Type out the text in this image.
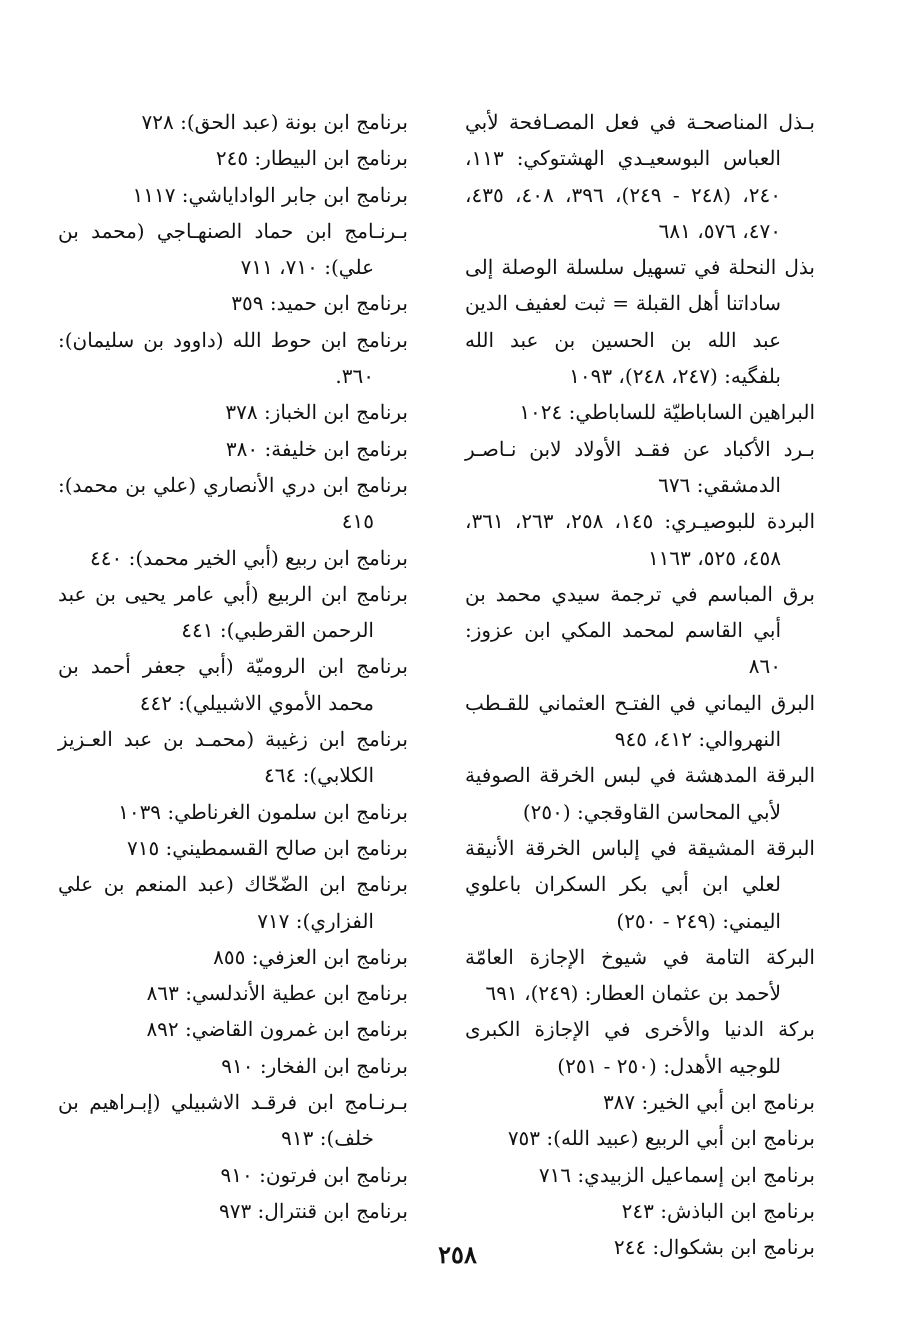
بـذل المناصحـة في فعل المصـافحة لأبي العباس البوسعيـدي الهشتوكي: ١١٣، ٢٤٠، (٢٤٨ - ٢٤٩)، ٣٩٦، ٤٠٨، ٤٣٥، ٤٧٠، ٥٧٦، ٦٨١
بذل النحلة في تسهيل سلسلة الوصلة إلى ساداتنا أهل القبلة = ثبت لعفيف الدين عبد الله بن الحسين بن عبد الله بلفگيه: (٢٤٧، ٢٤٨)، ١٠٩٣
البراهين الساباطيّة للساباطي: ١٠٢٤
بـرد الأكباد عن فقـد الأولاد لابن نـاصـر الدمشقي: ٦٧٦
البردة للبوصيـري: ١٤٥، ٢٥٨، ٢٦٣، ٣٦١، ٤٥٨، ٥٢٥، ١١٦٣
برق المباسم في ترجمة سيدي محمد بن أبي القاسم لمحمد المكي ابن عزوز: ٨٦٠
البرق اليماني في الفتـح العثماني للقـطب النهروالي: ٤١٢، ٩٤٥
البرقة المدهشة في لبس الخرقة الصوفية لأبي المحاسن القاوقجي: (٢٥٠)
البرقة المشيقة في إلباس الخرقة الأنيقة لعلي ابن أبي بكر السكران باعلوي اليمني: (٢٤٩ - ٢٥٠)
البركة التامة في شيوخ الإجازة العامّة لأحمد بن عثمان العطار: (٢٤٩)، ٦٩١
بركة الدنيا والأخرى في الإجازة الكبرى للوجيه الأهدل: (٢٥٠ - ٢٥١)
برنامج ابن أبي الخير: ٣٨٧
برنامج ابن أبي الربيع (عبيد الله): ٧٥٣
برنامج ابن إسماعيل الزبيدي: ٧١٦
برنامج ابن الباذش: ٢٤٣
برنامج ابن بشكوال: ٢٤٤
برنامج ابن بونة (عبد الحق): ٧٢٨
برنامج ابن البيطار: ٢٤٥
برنامج ابن جابر الواداياشي: ١١١٧
بـرنـامج ابن حماد الصنهـاجي (محمد بن علي): ٧١٠، ٧١١
برنامج ابن حميد: ٣٥٩
برنامج ابن حوط الله (داوود بن سليمان): ٣٦٠.
برنامج ابن الخباز: ٣٧٨
برنامج ابن خليفة: ٣٨٠
برنامج ابن دري الأنصاري (علي بن محمد): ٤١٥
برنامج ابن ربيع (أبي الخير محمد): ٤٤٠
برنامج ابن الربيع (أبي عامر يحيى بن عبد الرحمن القرطبي): ٤٤١
برنامج ابن الروميّة (أبي جعفر أحمد بن محمد الأموي الاشبيلي): ٤٤٢
برنامج ابن زغيبة (محمـد بن عبد العـزيز الكلابي): ٤٦٤
برنامج ابن سلمون الغرناطي: ١٠٣٩
برنامج ابن صالح القسمطيني: ٧١٥
برنامج ابن الضّحّاك (عبد المنعم بن علي الفزاري): ٧١٧
برنامج ابن العزفي: ٨٥٥
برنامج ابن عطية الأندلسي: ٨٦٣
برنامج ابن غمرون القاضي: ٨٩٢
برنامج ابن الفخار: ٩١٠
بـرنـامج ابن فرقـد الاشبيلي (إبـراهيم بن خلف): ٩١٣
برنامج ابن فرتون: ٩١٠
برنامج ابن قنترال: ٩٧٣
٢٥٨
